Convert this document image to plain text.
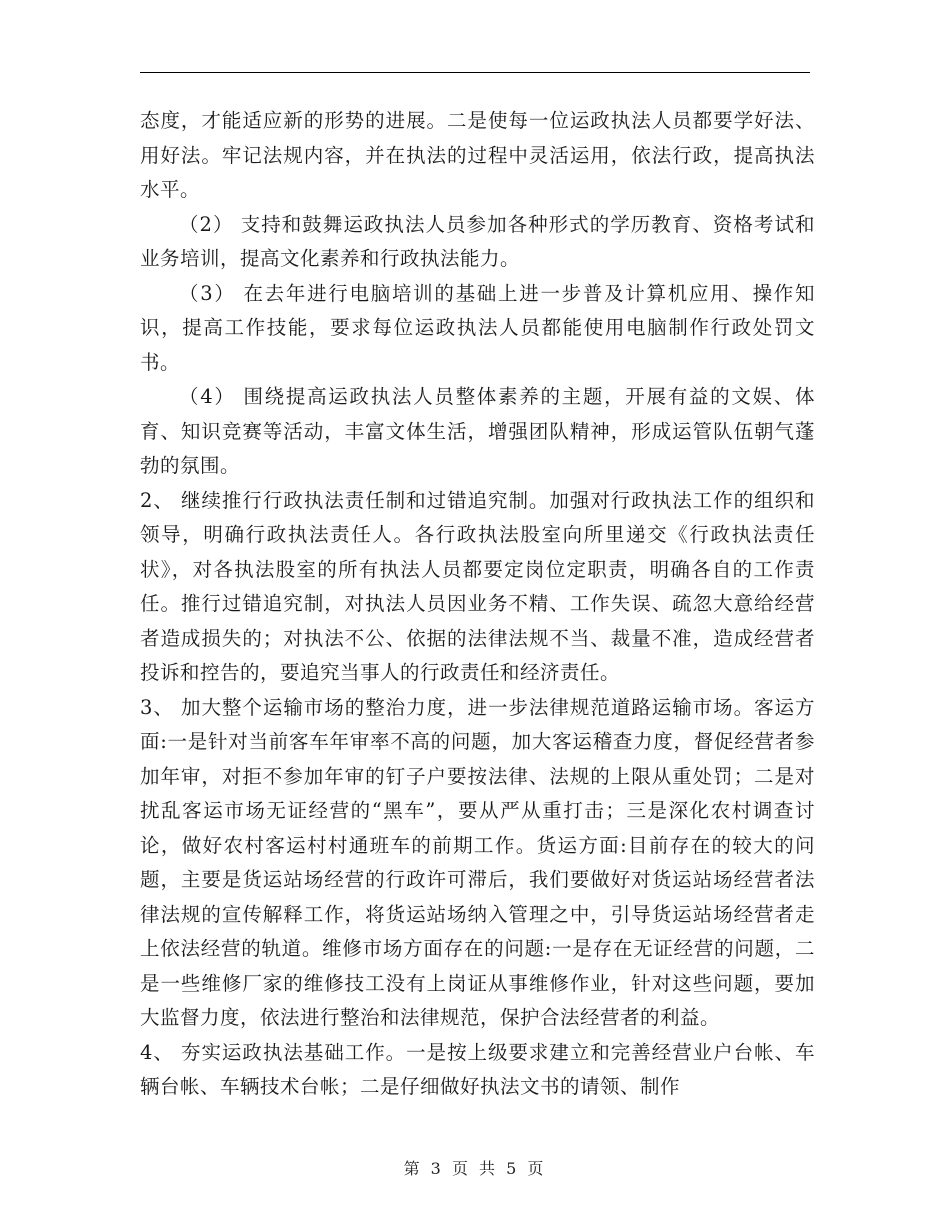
态度，才能适应新的形势的进展。二是使每一位运政执法人员都要学好法、用好法。牢记法规内容，并在执法的过程中灵活运用，依法行政，提高执法水平。

（2） 支持和鼓舞运政执法人员参加各种形式的学历教育、资格考试和业务培训，提高文化素养和行政执法能力。

（3） 在去年进行电脑培训的基础上进一步普及计算机应用、操作知识，提高工作技能，要求每位运政执法人员都能使用电脑制作行政处罚文书。

（4） 围绕提高运政执法人员整体素养的主题，开展有益的文娱、体育、知识竞赛等活动，丰富文体生活，增强团队精神，形成运管队伍朝气蓬勃的氛围。

2、 继续推行行政执法责任制和过错追究制。加强对行政执法工作的组织和领导，明确行政执法责任人。各行政执法股室向所里递交《行政执法责任状》，对各执法股室的所有执法人员都要定岗位定职责，明确各自的工作责任。推行过错追究制，对执法人员因业务不精、工作失误、疏忽大意给经营者造成损失的；对执法不公、依据的法律法规不当、裁量不准，造成经营者投诉和控告的，要追究当事人的行政责任和经济责任。

3、 加大整个运输市场的整治力度，进一步法律规范道路运输市场。客运方面:一是针对当前客车年审率不高的问题，加大客运稽查力度，督促经营者参加年审，对拒不参加年审的钉子户要按法律、法规的上限从重处罚；二是对扰乱客运市场无证经营的“黑车”，要从严从重打击；三是深化农村调查讨论，做好农村客运村村通班车的前期工作。货运方面:目前存在的较大的问题，主要是货运站场经营的行政许可滞后，我们要做好对货运站场经营者法律法规的宣传解释工作，将货运站场纳入管理之中，引导货运站场经营者走上依法经营的轨道。维修市场方面存在的问题:一是存在无证经营的问题，二是一些维修厂家的维修技工没有上岗证从事维修作业，针对这些问题，要加大监督力度，依法进行整治和法律规范，保护合法经营者的利益。

4、 夯实运政执法基础工作。一是按上级要求建立和完善经营业户台帐、车辆台帐、车辆技术台帐；二是仔细做好执法文书的请领、制作

第 3 页 共 5 页
